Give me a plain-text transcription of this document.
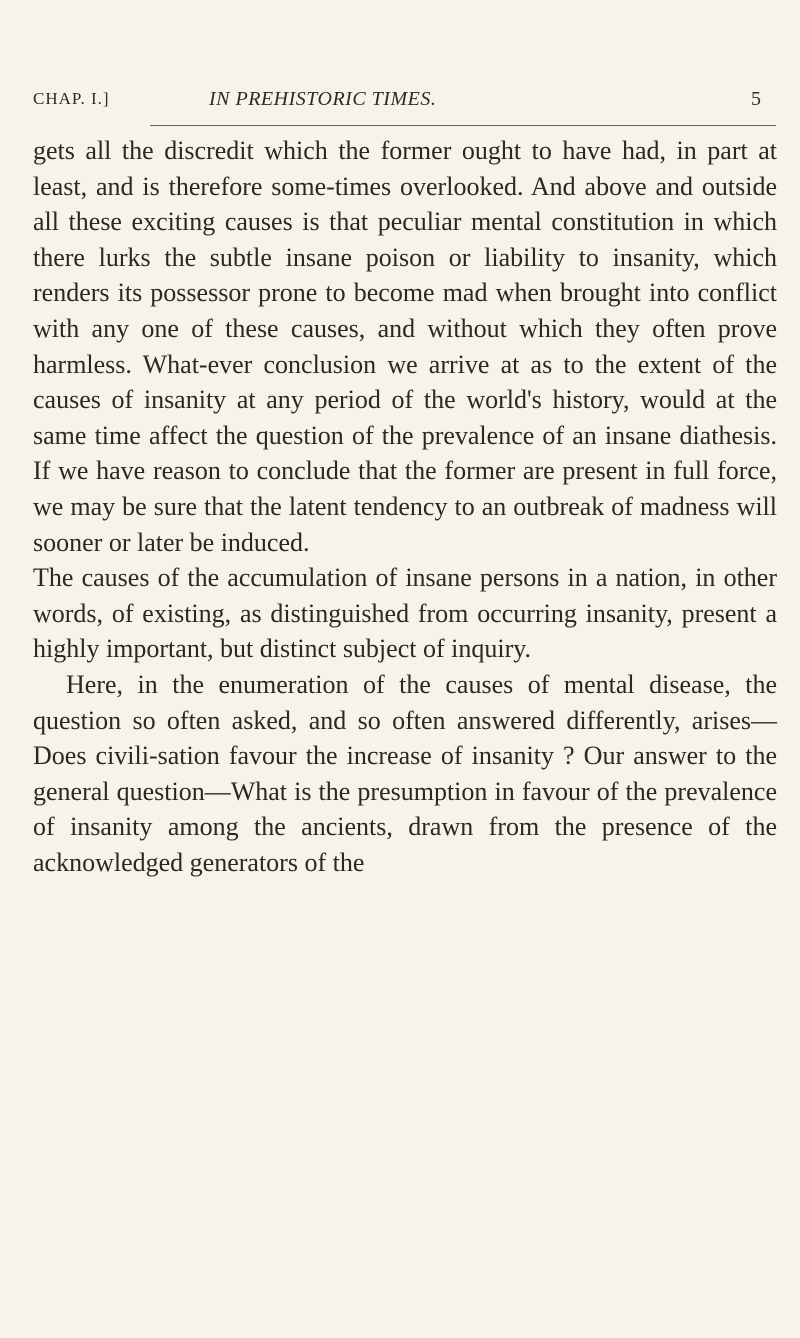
CHAP. I.]	IN PREHISTORIC TIMES.	5

gets all the discredit which the former ought to have had, in part at least, and is therefore some-times overlooked. And above and outside all these exciting causes is that peculiar mental constitution in which there lurks the subtle insane poison or liability to insanity, which renders its possessor prone to become mad when brought into conflict with any one of these causes, and without which they often prove harmless. What-ever conclusion we arrive at as to the extent of the causes of insanity at any period of the world's history, would at the same time affect the question of the prevalence of an insane diathesis. If we have reason to conclude that the former are present in full force, we may be sure that the latent tendency to an outbreak of madness will sooner or later be induced.

The causes of the accumulation of insane persons in a nation, in other words, of existing, as distinguished from occurring insanity, present a highly important, but distinct subject of inquiry.

Here, in the enumeration of the causes of mental disease, the question so often asked, and so often answered differently, arises—Does civili-sation favour the increase of insanity ? Our answer to the general question—What is the presumption in favour of the prevalence of insanity among the ancients, drawn from the presence of the acknowledged generators of the
